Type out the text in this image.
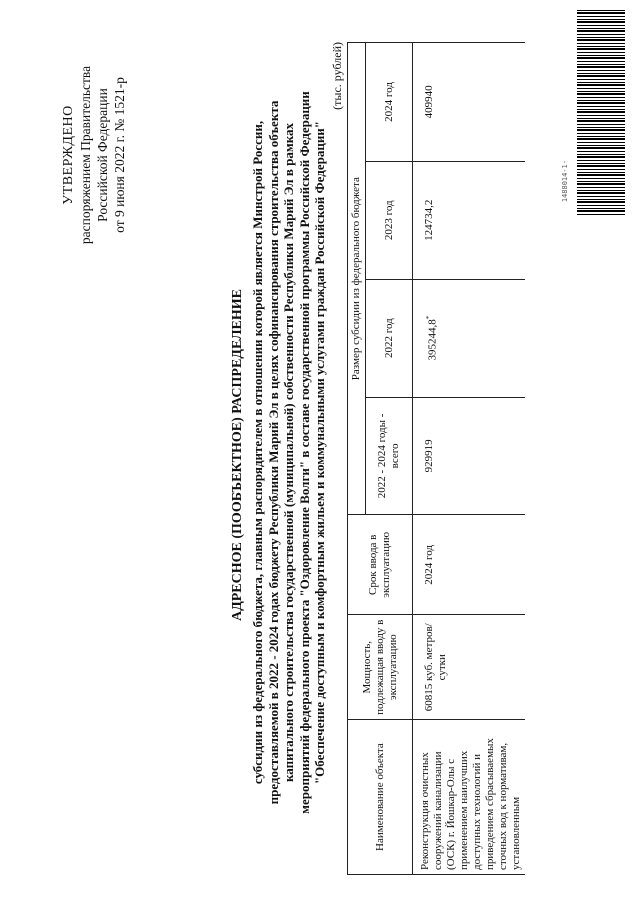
УТВЕРЖДЕНО распоряжением Правительства Российской Федерации от 9 июня 2022 г. № 1521-р
АДРЕСНОЕ (ПООБЪЕКТНОЕ) РАСПРЕДЕЛЕНИЕ субсидии из федерального бюджета, главным распорядителем в отношении которой является Минстрой России, предоставляемой в 2022 - 2024 годах бюджету Республики Марий Эл в целях софинансирования строительства объекта капитального строительства государственной (муниципальной) собственности Республики Марий Эл в рамках мероприятий федерального проекта "Оздоровление Волги" в составе государственной программы Российской Федерации "Обеспечение доступным и комфортным жильем и коммунальными услугами граждан Российской Федерации"
(тыс. рублей)
Наименование объекта	Мощность, подлежащая вводу в эксплуатацию	Срок ввода в эксплуатацию	Размер субсидии из федерального бюджета			
			2022 - 2024 годы - всего	2022 год	2023 год	2024 год
Реконструкция очистных сооружений канализации (ОСК) г. Йошкар-Олы с применением наилучших доступных технологий и приведением сбрасываемых сточных вод к нормативам, установленным	60815 куб. метров/сутки	2024 год	929919	395244,8*	124734,2	409940
1488014-1-
